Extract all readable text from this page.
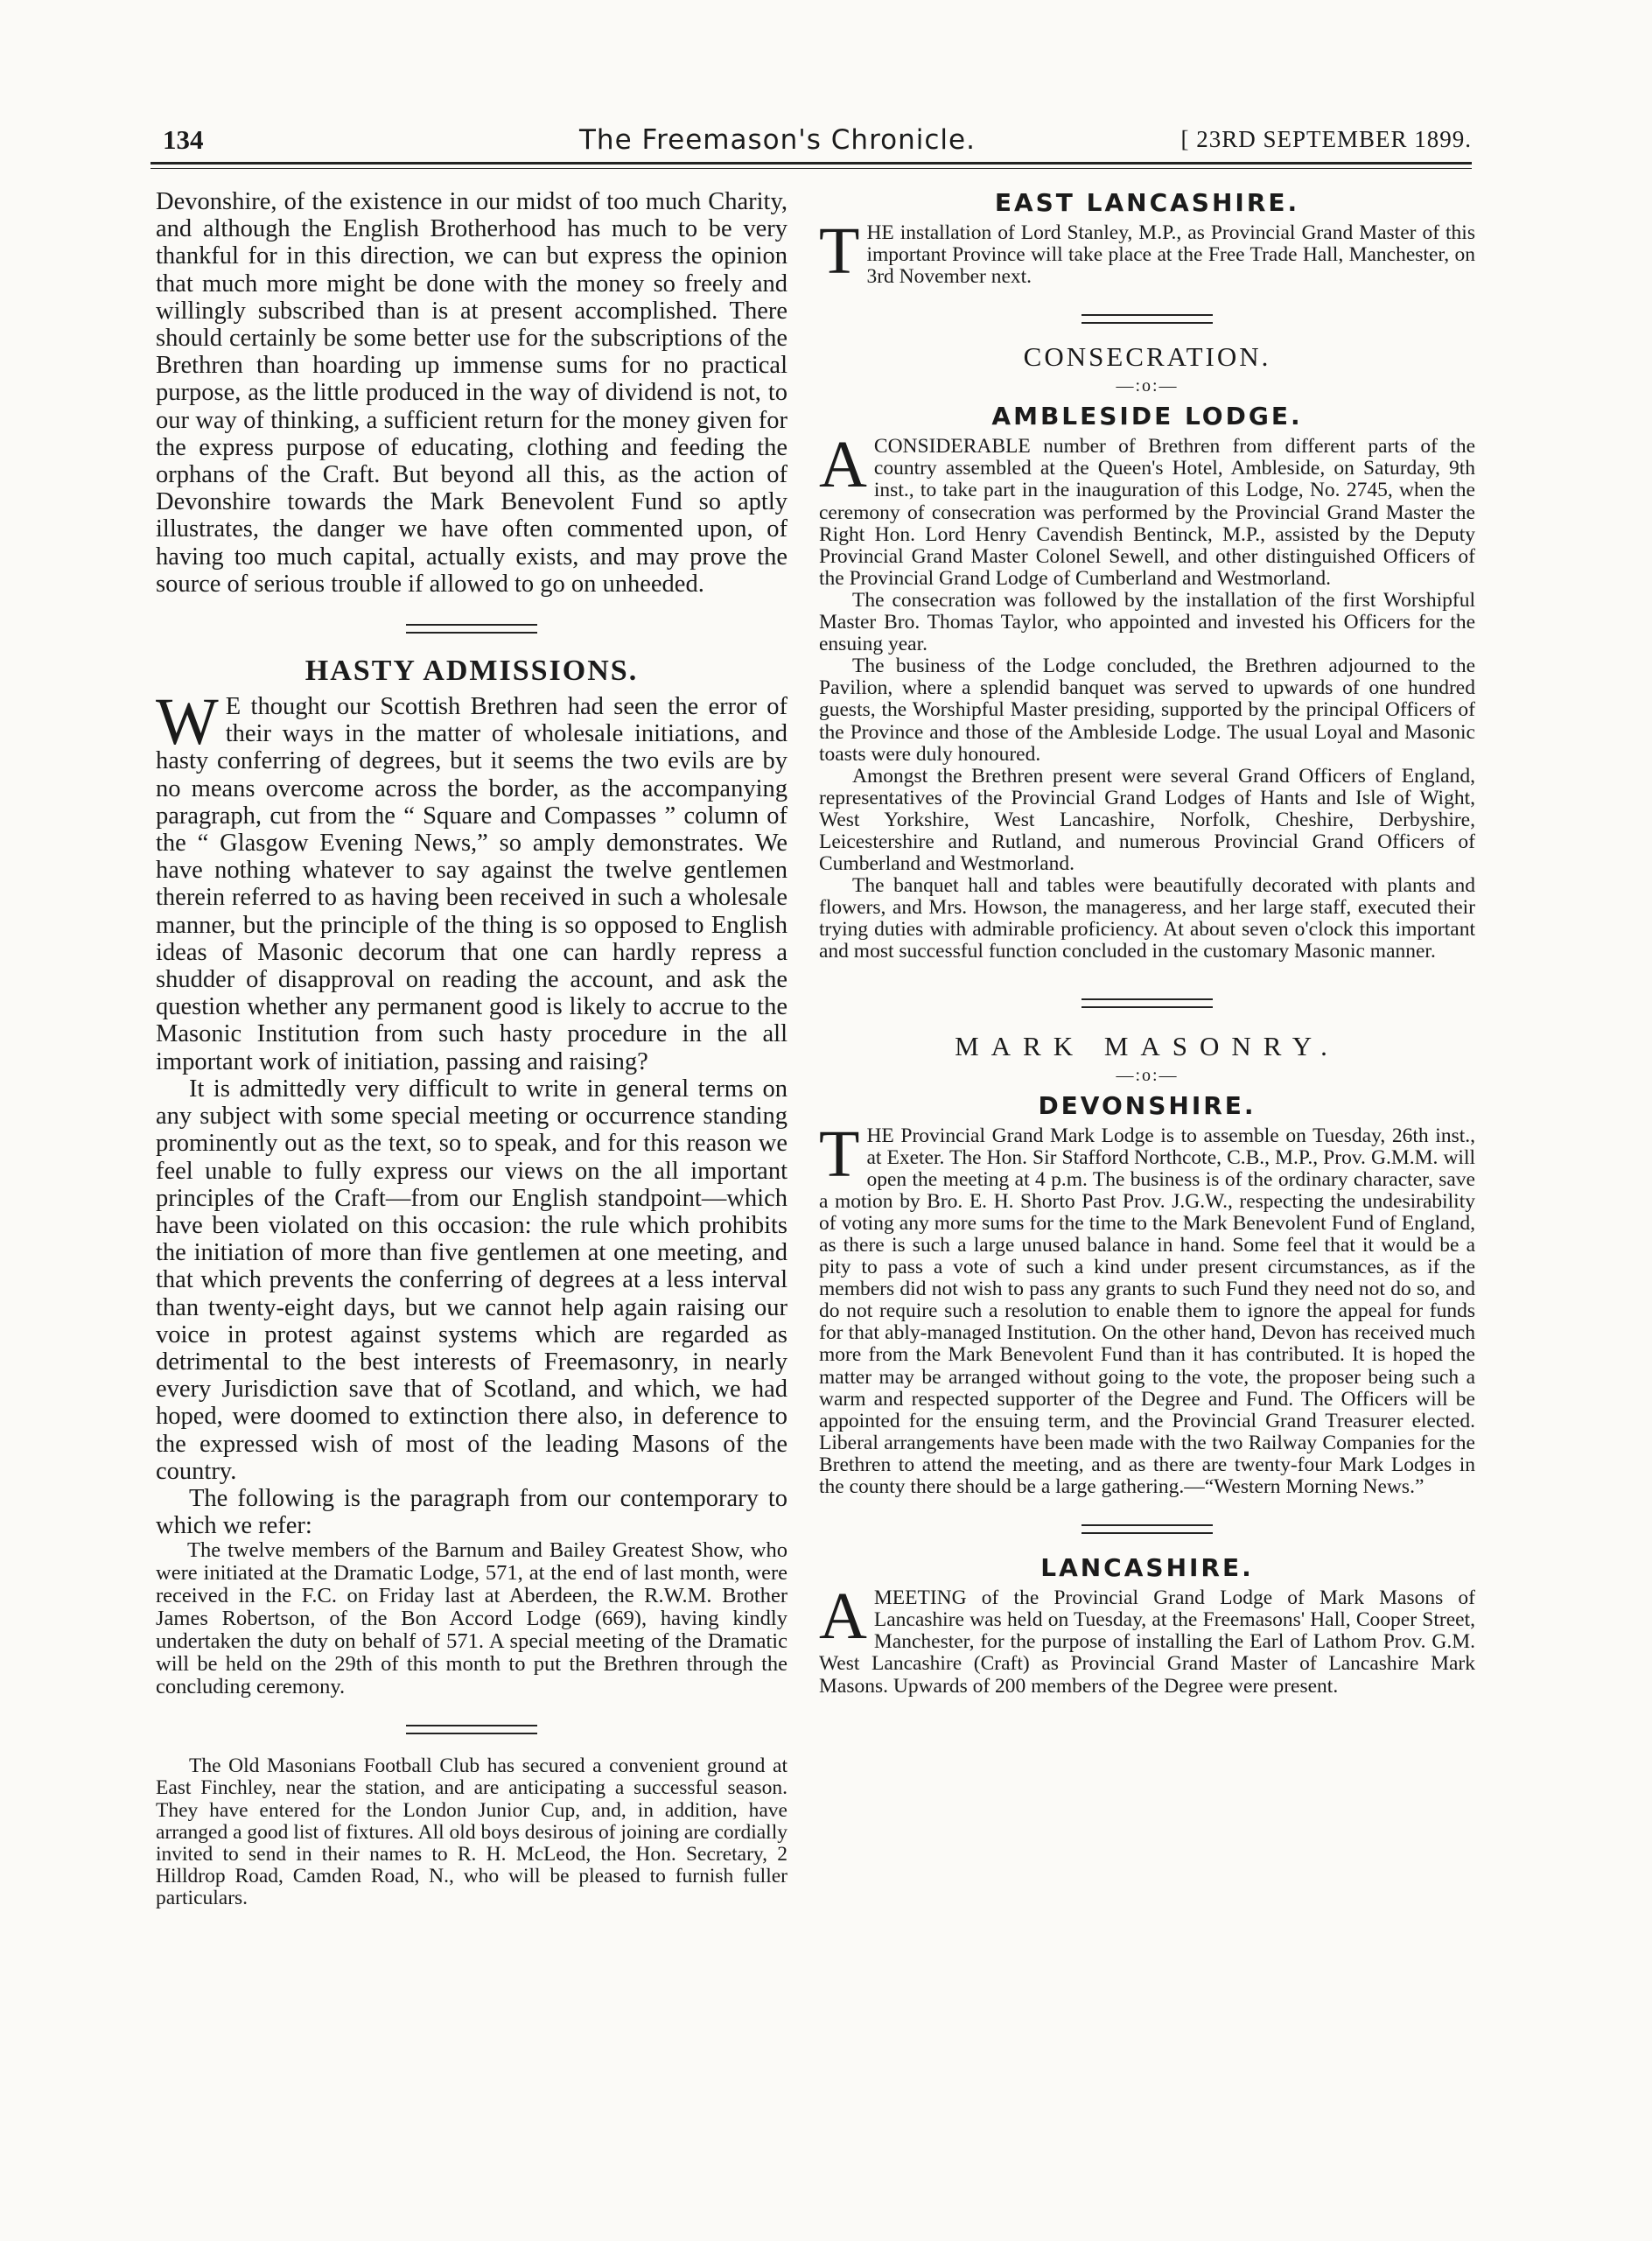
134	The Freemason's Chronicle.	[ 23RD SEPTEMBER 1899.

Devonshire, of the existence in our midst of too much Charity, and although the English Brotherhood has much to be very thankful for in this direction, we can but express the opinion that much more might be done with the money so freely and willingly subscribed than is at present accomplished. There should certainly be some better use for the subscriptions of the Brethren than hoarding up immense sums for no practical purpose, as the little produced in the way of dividend is not, to our way of thinking, a sufficient return for the money given for the express purpose of educating, clothing and feeding the orphans of the Craft. But beyond all this, as the action of Devonshire towards the Mark Benevolent Fund so aptly illustrates, the danger we have often commented upon, of having too much capital, actually exists, and may prove the source of serious trouble if allowed to go on unheeded.

HASTY ADMISSIONS.

W E thought our Scottish Brethren had seen the error of their ways in the matter of wholesale initiations, and hasty conferring of degrees, but it seems the two evils are by no means overcome across the border, as the accompanying paragraph, cut from the “ Square and Compasses ” column of the “ Glasgow Evening News,” so amply demonstrates. We have nothing whatever to say against the twelve gentlemen therein referred to as having been received in such a wholesale manner, but the principle of the thing is so opposed to English ideas of Masonic decorum that one can hardly repress a shudder of disapproval on reading the account, and ask the question whether any permanent good is likely to accrue to the Masonic Institution from such hasty procedure in the all important work of initiation, passing and raising?

It is admittedly very difficult to write in general terms on any subject with some special meeting or occurrence standing prominently out as the text, so to speak, and for this reason we feel unable to fully express our views on the all important principles of the Craft—from our English standpoint—which have been violated on this occasion: the rule which prohibits the initiation of more than five gentlemen at one meeting, and that which prevents the conferring of degrees at a less interval than twenty-eight days, but we cannot help again raising our voice in protest against systems which are regarded as detrimental to the best interests of Freemasonry, in nearly every Jurisdiction save that of Scotland, and which, we had hoped, were doomed to extinction there also, in deference to the expressed wish of most of the leading Masons of the country.

The following is the paragraph from our contemporary to which we refer:

The twelve members of the Barnum and Bailey Greatest Show, who were initiated at the Dramatic Lodge, 571, at the end of last month, were received in the F.C. on Friday last at Aberdeen, the R.W.M. Brother James Robertson, of the Bon Accord Lodge (669), having kindly undertaken the duty on behalf of 571. A special meeting of the Dramatic will be held on the 29th of this month to put the Brethren through the concluding ceremony.

The Old Masonians Football Club has secured a convenient ground at East Finchley, near the station, and are anticipating a successful season. They have entered for the London Junior Cup, and, in addition, have arranged a good list of fixtures. All old boys desirous of joining are cordially invited to send in their names to R. H. McLeod, the Hon. Secretary, 2 Hilldrop Road, Camden Road, N., who will be pleased to furnish fuller particulars.

EAST LANCASHIRE.

THE installation of Lord Stanley, M.P., as Provincial Grand Master of this important Province will take place at the Free Trade Hall, Manchester, on 3rd November next.

CONSECRATION.
—:o:—
AMBLESIDE LODGE.

ACONSIDERABLE number of Brethren from different parts of the country assembled at the Queen's Hotel, Ambleside, on Saturday, 9th inst., to take part in the inauguration of this Lodge, No. 2745, when the ceremony of consecration was performed by the Provincial Grand Master the Right Hon. Lord Henry Cavendish Bentinck, M.P., assisted by the Deputy Provincial Grand Master Colonel Sewell, and other distinguished Officers of the Provincial Grand Lodge of Cumberland and Westmorland.

The consecration was followed by the installation of the first Worshipful Master Bro. Thomas Taylor, who appointed and invested his Officers for the ensuing year.

The business of the Lodge concluded, the Brethren adjourned to the Pavilion, where a splendid banquet was served to upwards of one hundred guests, the Worshipful Master presiding, supported by the principal Officers of the Province and those of the Ambleside Lodge. The usual Loyal and Masonic toasts were duly honoured.

Amongst the Brethren present were several Grand Officers of England, representatives of the Provincial Grand Lodges of Hants and Isle of Wight, West Yorkshire, West Lancashire, Norfolk, Cheshire, Derbyshire, Leicestershire and Rutland, and numerous Provincial Grand Officers of Cumberland and Westmorland.

The banquet hall and tables were beautifully decorated with plants and flowers, and Mrs. Howson, the manageress, and her large staff, executed their trying duties with admirable proficiency. At about seven o'clock this important and most successful function concluded in the customary Masonic manner.

MARK MASONRY.
—:o:—
DEVONSHIRE.

THE Provincial Grand Mark Lodge is to assemble on Tuesday, 26th inst., at Exeter. The Hon. Sir Stafford Northcote, C.B., M.P., Prov. G.M.M. will open the meeting at 4 p.m. The business is of the ordinary character, save a motion by Bro. E. H. Shorto Past Prov. J.G.W., respecting the undesirability of voting any more sums for the time to the Mark Benevolent Fund of England, as there is such a large unused balance in hand. Some feel that it would be a pity to pass a vote of such a kind under present circumstances, as if the members did not wish to pass any grants to such Fund they need not do so, and do not require such a resolution to enable them to ignore the appeal for funds for that ably-managed Institution. On the other hand, Devon has received much more from the Mark Benevolent Fund than it has contributed. It is hoped the matter may be arranged without going to the vote, the proposer being such a warm and respected supporter of the Degree and Fund. The Officers will be appointed for the ensuing term, and the Provincial Grand Treasurer elected. Liberal arrangements have been made with the two Railway Companies for the Brethren to attend the meeting, and as there are twenty-four Mark Lodges in the county there should be a large gathering.—“Western Morning News.”

LANCASHIRE.

AMEETING of the Provincial Grand Lodge of Mark Masons of Lancashire was held on Tuesday, at the Freemasons' Hall, Cooper Street, Manchester, for the purpose of installing the Earl of Lathom Prov. G.M. West Lancashire (Craft) as Provincial Grand Master of Lancashire Mark Masons. Upwards of 200 members of the Degree were present.
